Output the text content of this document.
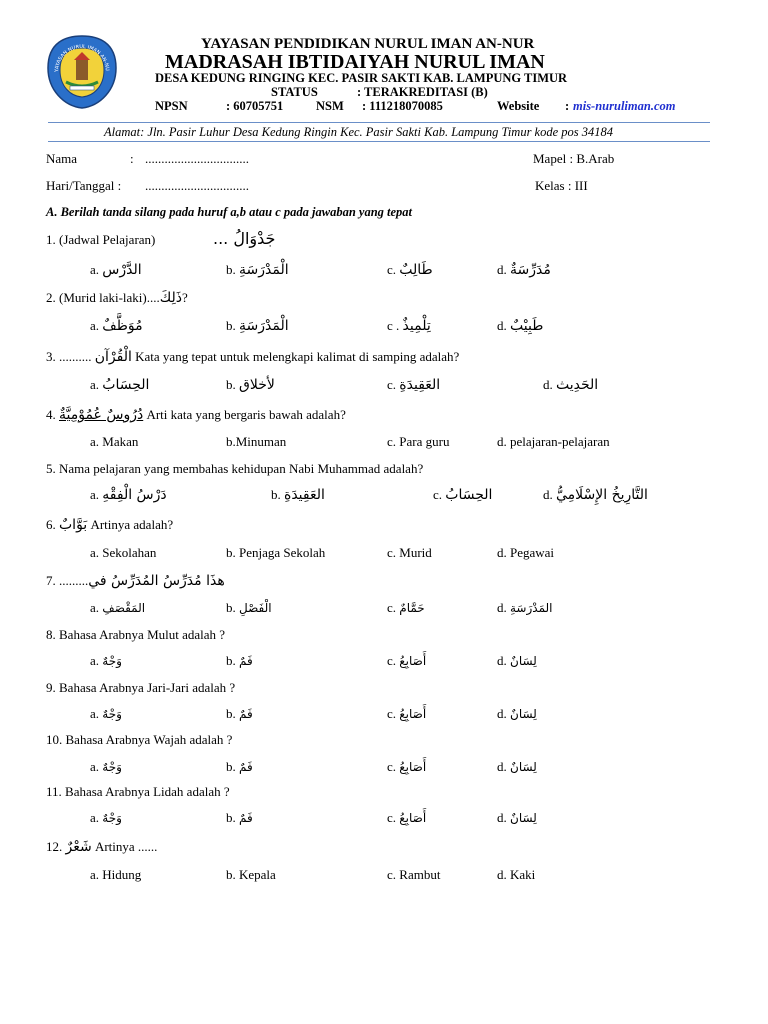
YAYASAN NURUL IMAN AN-NU
YAYASAN PENDIDIKAN NURUL IMAN AN-NUR
MADRASAH IBTIDAIYAH NURUL IMAN
DESA KEDUNG RINGING KEC. PASIR SAKTI KAB. LAMPUNG TIMUR
STATUS	: TERAKREDITASI (B)
NPSN	: 60705751	NSM : 111218070085	Website : mis-nuruliman.com
Alamat: Jln. Pasir Luhur Desa Kedung Ringin Kec. Pasir Sakti Kab. Lampung Timur kode pos 34184
Nama	: ................................	Mapel : B.Arab
Hari/Tanggal : ................................	Kelas : III
A. Berilah tanda silang pada huruf a,b atau c pada jawaban yang tepat
1. (Jadwal Pelajaran)	جَدْوَالُ ...
a. الدَّرْس	b. الْمَدْرَسَةِ	c. طَالِبٌ	d. مُدَرِّسَةٌ
2. (Murid laki-laki)....ذَلِكَ?
a. مُوَظَّفٌ	b. الْمَدْرَسَةِ	c . تِلْمِيذٌ	d. طَبِيْبٌ
3. .......... الْقُرْآن Kata yang tepat untuk melengkapi kalimat di samping adalah?
a. الحِسَابُ	b. لأخلاق	c. العَقِيدَةِ	d. الحَدِيث
4. دُرُوسٌ عُمُوْمِيَّةٌ Arti kata yang bergaris bawah adalah?
a. Makan	b.Minuman	c. Para guru	d. pelajaran-pelajaran
5. Nama pelajaran yang membahas kehidupan Nabi Muhammad adalah?
a. دَرْسُ الْفِقْهِ	b. العَقِيدَةِ	c. الحِسَابُ	d. التَّارِيخُ الإِسْلَامِيُّ
6. بَوَّابٌ Artinya adalah?
a. Sekolahan	b. Penjaga Sekolah	c. Murid	d. Pegawai
7. .........هذَا مُدَرِّسُ المُدَرِّسُ في
a. المَقْصَفِ	b. الْفَصْلِ	c. حَمَّامٌ	d. المَدْرَسَةِ
8. Bahasa Arabnya Mulut adalah ?
a. وَجْهٌ	b. فَمٌ	c. أَصَابِعُ	d. لِسَانٌ
9. Bahasa Arabnya Jari-Jari adalah ?
a. وَجْهٌ	b. فَمٌ	c. أَصَابِعُ	d. لِسَانٌ
10. Bahasa Arabnya Wajah adalah ?
a. وَجْهٌ	b. فَمٌ	c. أَصَابِعُ	d. لِسَانٌ
11. Bahasa Arabnya Lidah adalah ?
a. وَجْهٌ	b. فَمٌ	c. أَصَابِعُ	d. لِسَانٌ
12. شَعْرٌ Artinya ......
a. Hidung	b. Kepala	c. Rambut	d. Kaki
